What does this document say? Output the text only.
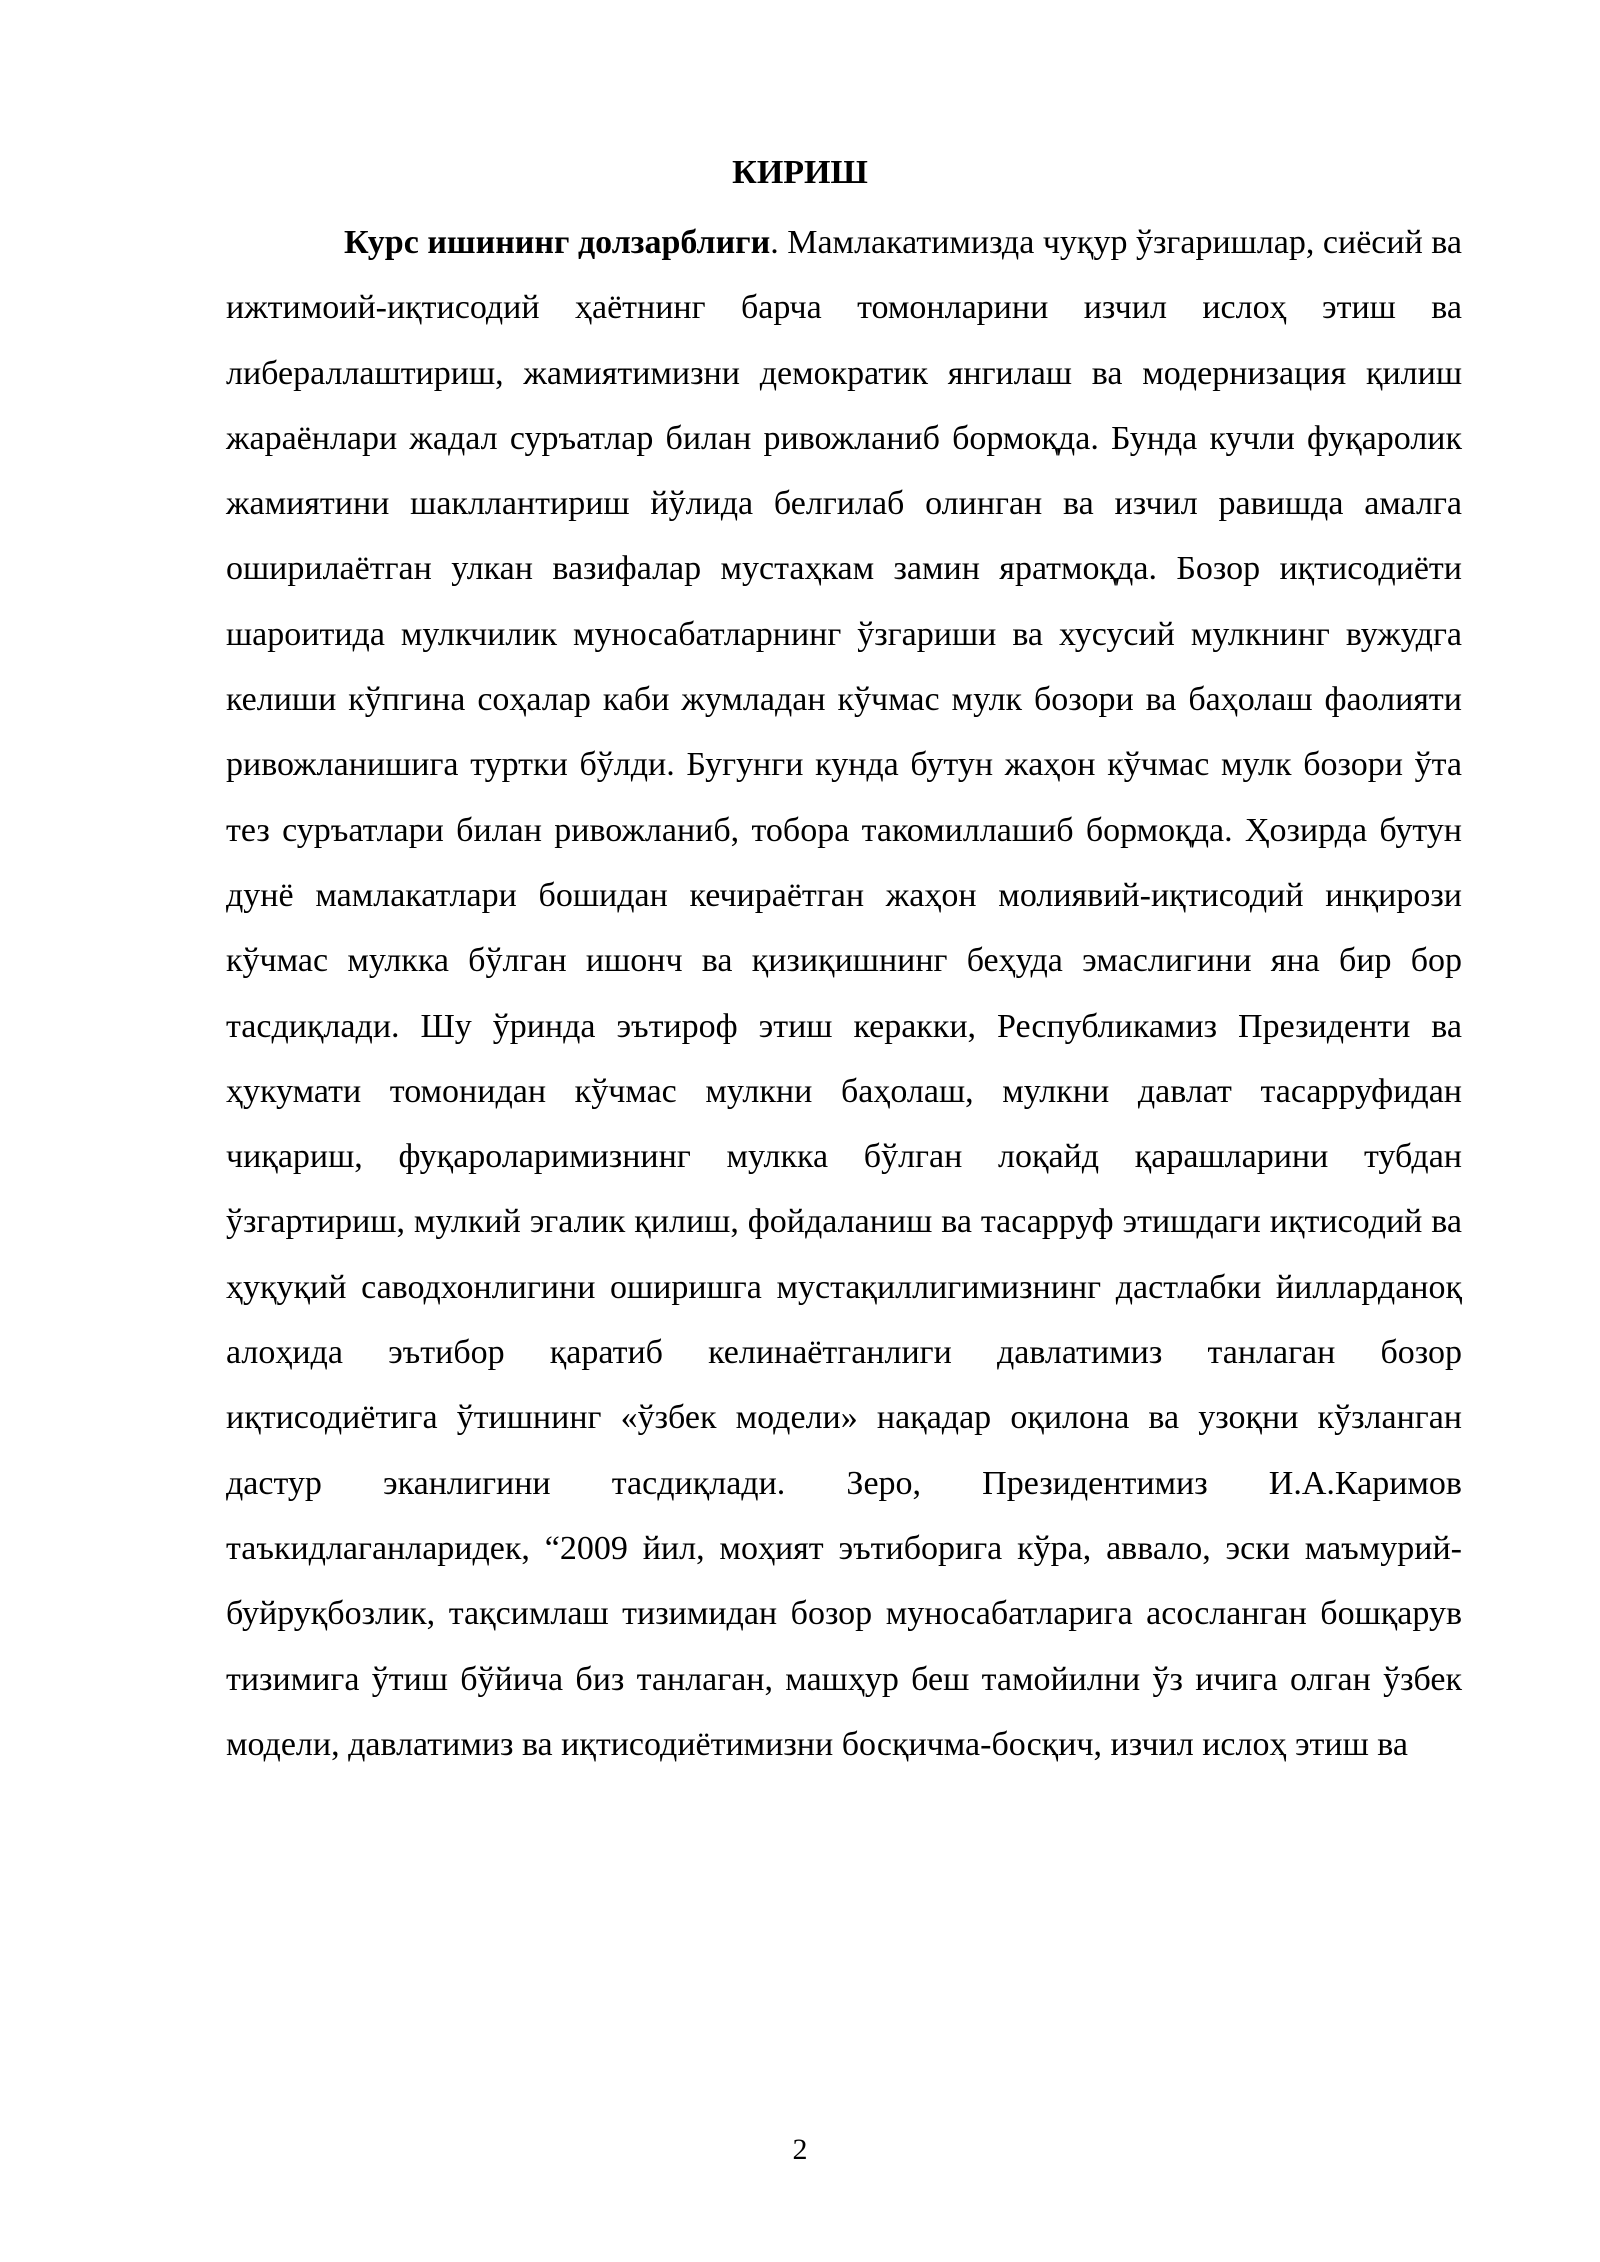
КИРИШ

Курс ишининг долзарблиги. Мамлакатимизда чуқур ўзгаришлар, сиёсий ва ижтимоий-иқтисодий ҳаётнинг барча томонларини изчил ислоҳ этиш ва либераллаштириш, жамиятимизни демократик янгилаш ва модернизация қилиш жараёнлари жадал суръатлар билан ривожланиб бормоқда. Бунда кучли фуқаролик жамиятини шакллантириш йўлида белгилаб олинган ва изчил равишда амалга оширилаётган улкан вазифалар мустаҳкам замин яратмоқда. Бозор иқтисодиёти шароитида мулкчилик муносабатларнинг ўзгариши ва хусусий мулкнинг вужудга келиши кўпгина соҳалар каби жумладан кўчмас мулк бозори ва баҳолаш фаолияти ривожланишига туртки бўлди. Бугунги кунда бутун жаҳон кўчмас мулк бозори ўта тез суръатлари билан ривожланиб, тобора такомиллашиб бормоқда. Ҳозирда бутун дунё мамлакатлари бошидан кечираётган жаҳон молиявий-иқтисодий инқирози кўчмас мулкка бўлган ишонч ва қизиқишнинг беҳуда эмаслигини яна бир бор тасдиқлади. Шу ўринда эътироф этиш керакки, Республикамиз Президенти ва ҳукумати томонидан кўчмас мулкни баҳолаш, мулкни давлат тасарруфидан чиқариш, фуқароларимизнинг мулкка бўлган лоқайд қарашларини тубдан ўзгартириш, мулкий эгалик қилиш, фойдаланиш ва тасарруф этишдаги иқтисодий ва ҳуқуқий саводхонлигини оширишга мустақиллигимизнинг дастлабки йилларданоқ алоҳида эътибор қаратиб келинаётганлиги давлатимиз танлаган бозор иқтисодиётига ўтишнинг «ўзбек модели» нақадар оқилона ва узоқни кўзланган дастур эканлигини тасдиқлади. Зеро, Президентимиз И.А.Каримов таъкидлаганларидек, “2009 йил, моҳият эътиборига кўра, аввало, эски маъмурий-буйруқбозлик, тақсимлаш тизимидан бозор муносабатларига асосланган бошқарув тизимига ўтиш бўйича биз танлаган, машҳур беш тамойилни ўз ичига олган ўзбек модели, давлатимиз ва иқтисодиётимизни босқичма-босқич, изчил ислоҳ этиш ва

2
